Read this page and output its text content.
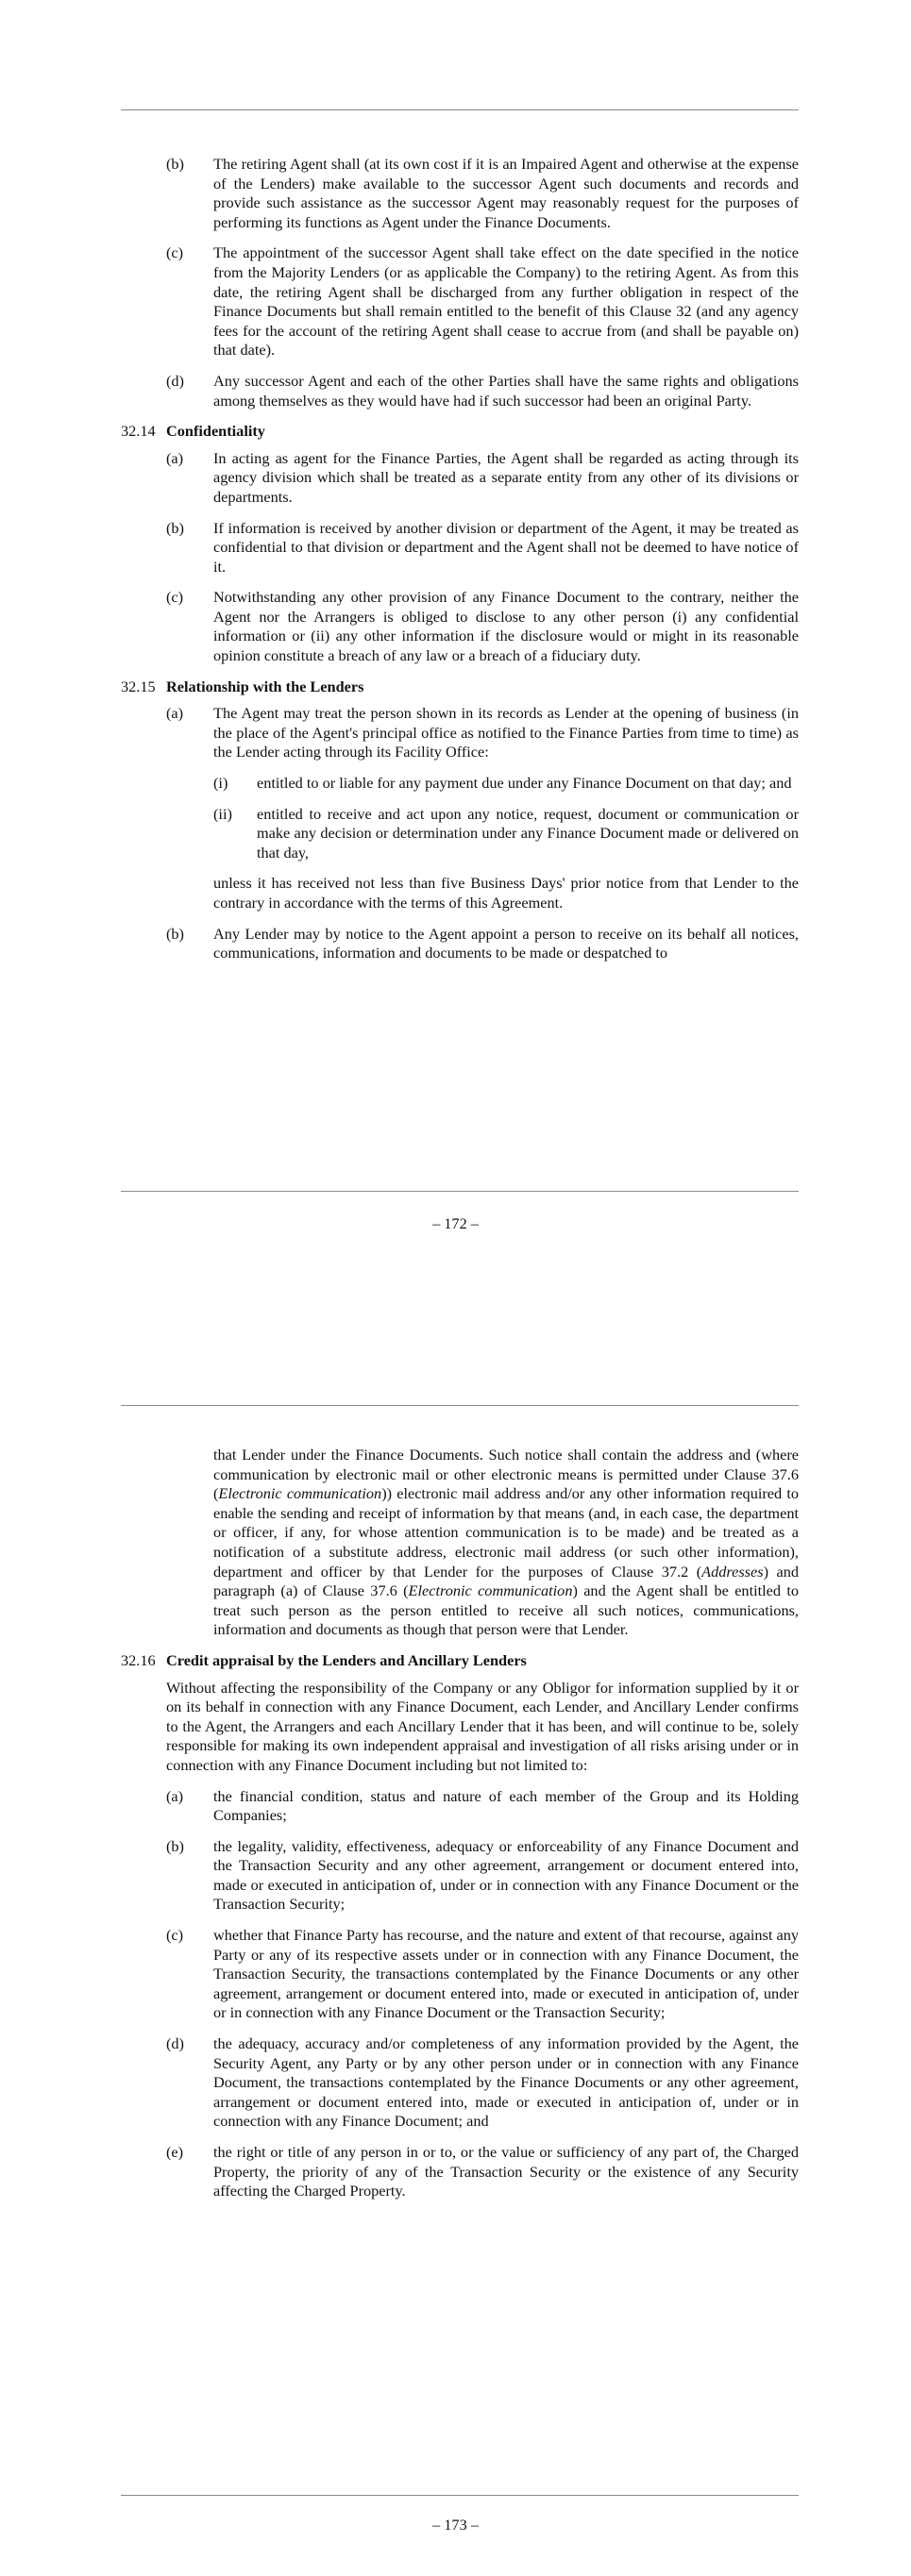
(b)	The retiring Agent shall (at its own cost if it is an Impaired Agent and otherwise at the expense of the Lenders) make available to the successor Agent such documents and records and provide such assistance as the successor Agent may reasonably request for the purposes of performing its functions as Agent under the Finance Documents.
(c)	The appointment of the successor Agent shall take effect on the date specified in the notice from the Majority Lenders (or as applicable the Company) to the retiring Agent. As from this date, the retiring Agent shall be discharged from any further obligation in respect of the Finance Documents but shall remain entitled to the benefit of this Clause 32 (and any agency fees for the account of the retiring Agent shall cease to accrue from (and shall be payable on) that date).
(d)	Any successor Agent and each of the other Parties shall have the same rights and obligations among themselves as they would have had if such successor had been an original Party.
32.14 Confidentiality
(a)	In acting as agent for the Finance Parties, the Agent shall be regarded as acting through its agency division which shall be treated as a separate entity from any other of its divisions or departments.
(b)	If information is received by another division or department of the Agent, it may be treated as confidential to that division or department and the Agent shall not be deemed to have notice of it.
(c)	Notwithstanding any other provision of any Finance Document to the contrary, neither the Agent nor the Arrangers is obliged to disclose to any other person (i) any confidential information or (ii) any other information if the disclosure would or might in its reasonable opinion constitute a breach of any law or a breach of a fiduciary duty.
32.15 Relationship with the Lenders
(a)	The Agent may treat the person shown in its records as Lender at the opening of business (in the place of the Agent's principal office as notified to the Finance Parties from time to time) as the Lender acting through its Facility Office:
(i)	entitled to or liable for any payment due under any Finance Document on that day; and
(ii)	entitled to receive and act upon any notice, request, document or communication or make any decision or determination under any Finance Document made or delivered on that day,
unless it has received not less than five Business Days' prior notice from that Lender to the contrary in accordance with the terms of this Agreement.
(b)	Any Lender may by notice to the Agent appoint a person to receive on its behalf all notices, communications, information and documents to be made or despatched to
– 172 –
that Lender under the Finance Documents. Such notice shall contain the address and (where communication by electronic mail or other electronic means is permitted under Clause 37.6 (Electronic communication)) electronic mail address and/or any other information required to enable the sending and receipt of information by that means (and, in each case, the department or officer, if any, for whose attention communication is to be made) and be treated as a notification of a substitute address, electronic mail address (or such other information), department and officer by that Lender for the purposes of Clause 37.2 (Addresses) and paragraph (a) of Clause 37.6 (Electronic communication) and the Agent shall be entitled to treat such person as the person entitled to receive all such notices, communications, information and documents as though that person were that Lender.
32.16 Credit appraisal by the Lenders and Ancillary Lenders
Without affecting the responsibility of the Company or any Obligor for information supplied by it or on its behalf in connection with any Finance Document, each Lender, and Ancillary Lender confirms to the Agent, the Arrangers and each Ancillary Lender that it has been, and will continue to be, solely responsible for making its own independent appraisal and investigation of all risks arising under or in connection with any Finance Document including but not limited to:
(a)	the financial condition, status and nature of each member of the Group and its Holding Companies;
(b)	the legality, validity, effectiveness, adequacy or enforceability of any Finance Document and the Transaction Security and any other agreement, arrangement or document entered into, made or executed in anticipation of, under or in connection with any Finance Document or the Transaction Security;
(c)	whether that Finance Party has recourse, and the nature and extent of that recourse, against any Party or any of its respective assets under or in connection with any Finance Document, the Transaction Security, the transactions contemplated by the Finance Documents or any other agreement, arrangement or document entered into, made or executed in anticipation of, under or in connection with any Finance Document or the Transaction Security;
(d)	the adequacy, accuracy and/or completeness of any information provided by the Agent, the Security Agent, any Party or by any other person under or in connection with any Finance Document, the transactions contemplated by the Finance Documents or any other agreement, arrangement or document entered into, made or executed in anticipation of, under or in connection with any Finance Document; and
(e)	the right or title of any person in or to, or the value or sufficiency of any part of, the Charged Property, the priority of any of the Transaction Security or the existence of any Security affecting the Charged Property.
– 173 –
